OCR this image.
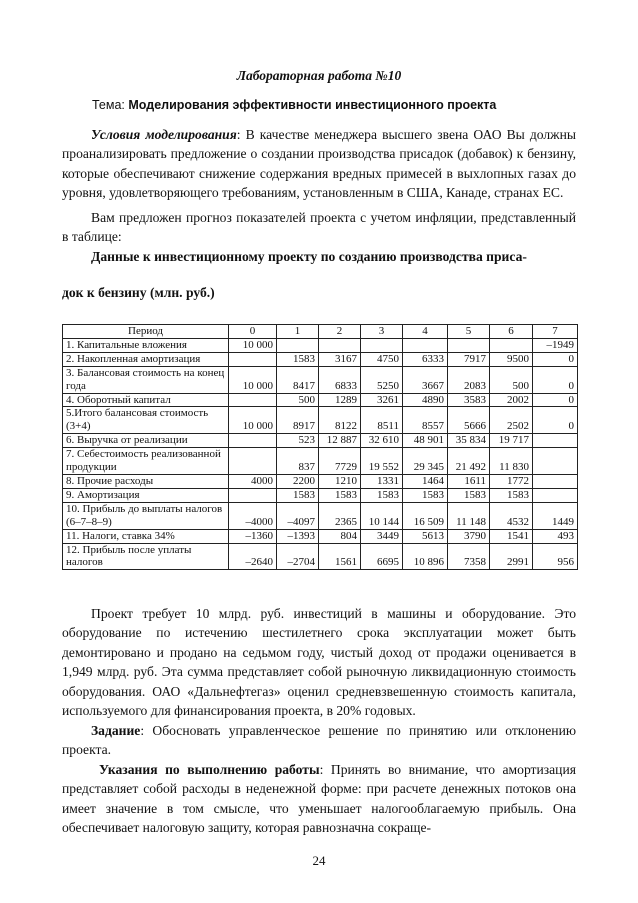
Лабораторная работа №10
Тема: Моделирования эффективности инвестиционного проекта

Условия моделирования: В качестве менеджера высшего звена ОАО Вы должны проанализировать предложение о создании производства присадок (добавок) к бензину, которые обеспечивают снижение содержания вредных примесей в выхлопных газах до уровня, удовлетворяющего требованиям, установленным в США, Канаде, странах ЕС.

Вам предложен прогноз показателей проекта с учетом инфляции, представленный в таблице:

Данные к инвестиционному проекту по созданию производства приса-

док к бензину (млн. руб.)
Период	0	1	2	3	4	5	6	7
1. Капитальные вложения	10 000							–1949
2. Накопленная амортизация		1583	3167	4750	6333	7917	9500	0
3. Балансовая стоимость на конец года	10 000	8417	6833	5250	3667	2083	500	0
4. Оборотный капитал		500	1289	3261	4890	3583	2002	0
5.Итого балансовая стоимость (3+4)	10 000	8917	8122	8511	8557	5666	2502	0
6. Выручка от реализации		523	12 887	32 610	48 901	35 834	19 717	
7. Себестоимость реализованной продукции		837	7729	19 552	29 345	21 492	11 830	
8. Прочие расходы	4000	2200	1210	1331	1464	1611	1772	
9. Амортизация		1583	1583	1583	1583	1583	1583	
10. Прибыль до выплаты налогов (6–7–8–9)	–4000	–4097	2365	10 144	16 509	11 148	4532	1449
11. Налоги, ставка 34%	–1360	–1393	804	3449	5613	3790	1541	493
12. Прибыль после уплаты налогов	–2640	–2704	1561	6695	10 896	7358	2991	956

Проект требует 10 млрд. руб. инвестиций в машины и оборудование. Это оборудование по истечению шестилетнего срока эксплуатации может быть демонтировано и продано на седьмом году, чистый доход от продажи оценивается в 1,949 млрд. руб. Эта сумма представляет собой рыночную ликвидационную стоимость оборудования. ОАО «Дальнефтегаз» оценил средневзвешенную стоимость капитала, используемого для финансирования проекта, в 20% годовых.

Задание: Обосновать управленческое решение по принятию или отклонению проекта.

Указания по выполнению работы: Принять во внимание, что амортизация представляет собой расходы в неденежной форме: при расчете денежных потоков она имеет значение в том смысле, что уменьшает налогооблагаемую прибыль. Она обеспечивает налоговую защиту, которая равнозначна сокраще-

24
